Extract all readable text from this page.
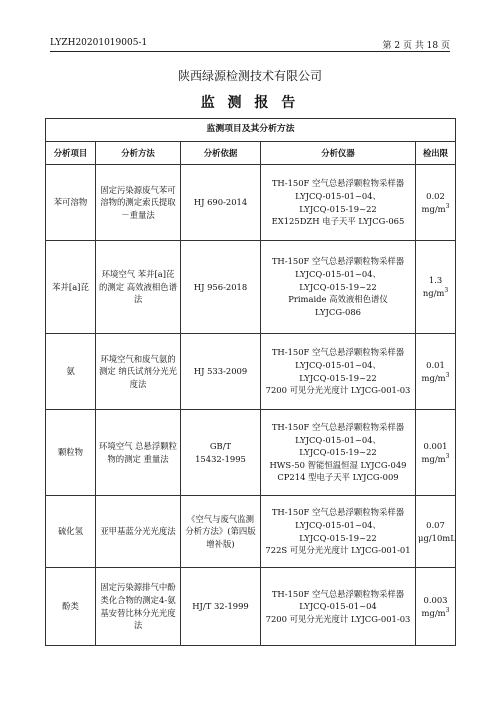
LYZH20201019005-1	第 2 页 共 18 页
陕西绿源检测技术有限公司
监 测 报 告
监测项目及其分析方法				
分析项目	分析方法	分析依据	分析仪器	检出限
苯可溶物	固定污染源废气苯可溶物的测定索氏提取－重量法	HJ 690-2014	TH-150F 空气总悬浮颗粒物采样器
LYJCQ-015-01~04、
LYJCQ-015-19~22
EX125DZH 电子天平 LYJCG-065	0.02
$mg/m^3$

苯并[a]芘	环境空气 苯并[a]芘的测定 高效液相色谱法	HJ 956-2018	TH-150F 空气总悬浮颗粒物采样器
LYJCQ-015-01~04、
LYJCQ-015-19~22
Primaide 高效液相色谱仪
LYJCG-086	1.3
$ng/m^3$

氨	环境空气和废气氨的测定 纳氏试剂分光光度法	HJ 533-2009	TH-150F 空气总悬浮颗粒物采样器
LYJCQ-015-01~04、
LYJCQ-015-19~22
7200 可见分光光度计 LYJCG-001-03	0.01
$mg/m^3$

颗粒物	环境空气 总悬浮颗粒物的测定 重量法	GB/T
15432-1995	TH-150F 空气总悬浮颗粒物采样器
LYJCQ-015-01~04、
LYJCQ-015-19~22
HWS-50 智能恒温恒湿 LYJCG-049
CP214 型电子天平 LYJCG-009	0.001
$mg/m^3$

硫化氢	亚甲基蓝分光光度法	《空气与废气监测分析方法》(第四版增补版)	TH-150F 空气总悬浮颗粒物采样器
LYJCQ-015-01~04、
LYJCQ-015-19~22
722S 可见分光光度计 LYJCG-001-01	0.07
μg/10mL

酚类	固定污染源排气中酚类化合物的测定4-氨基安替比林分光光度法	HJ/T 32-1999	TH-150F 空气总悬浮颗粒物采样器
LYJCQ-015-01~04
7200 可见分光光度计 LYJCG-001-03	0.003
$mg/m^3$
